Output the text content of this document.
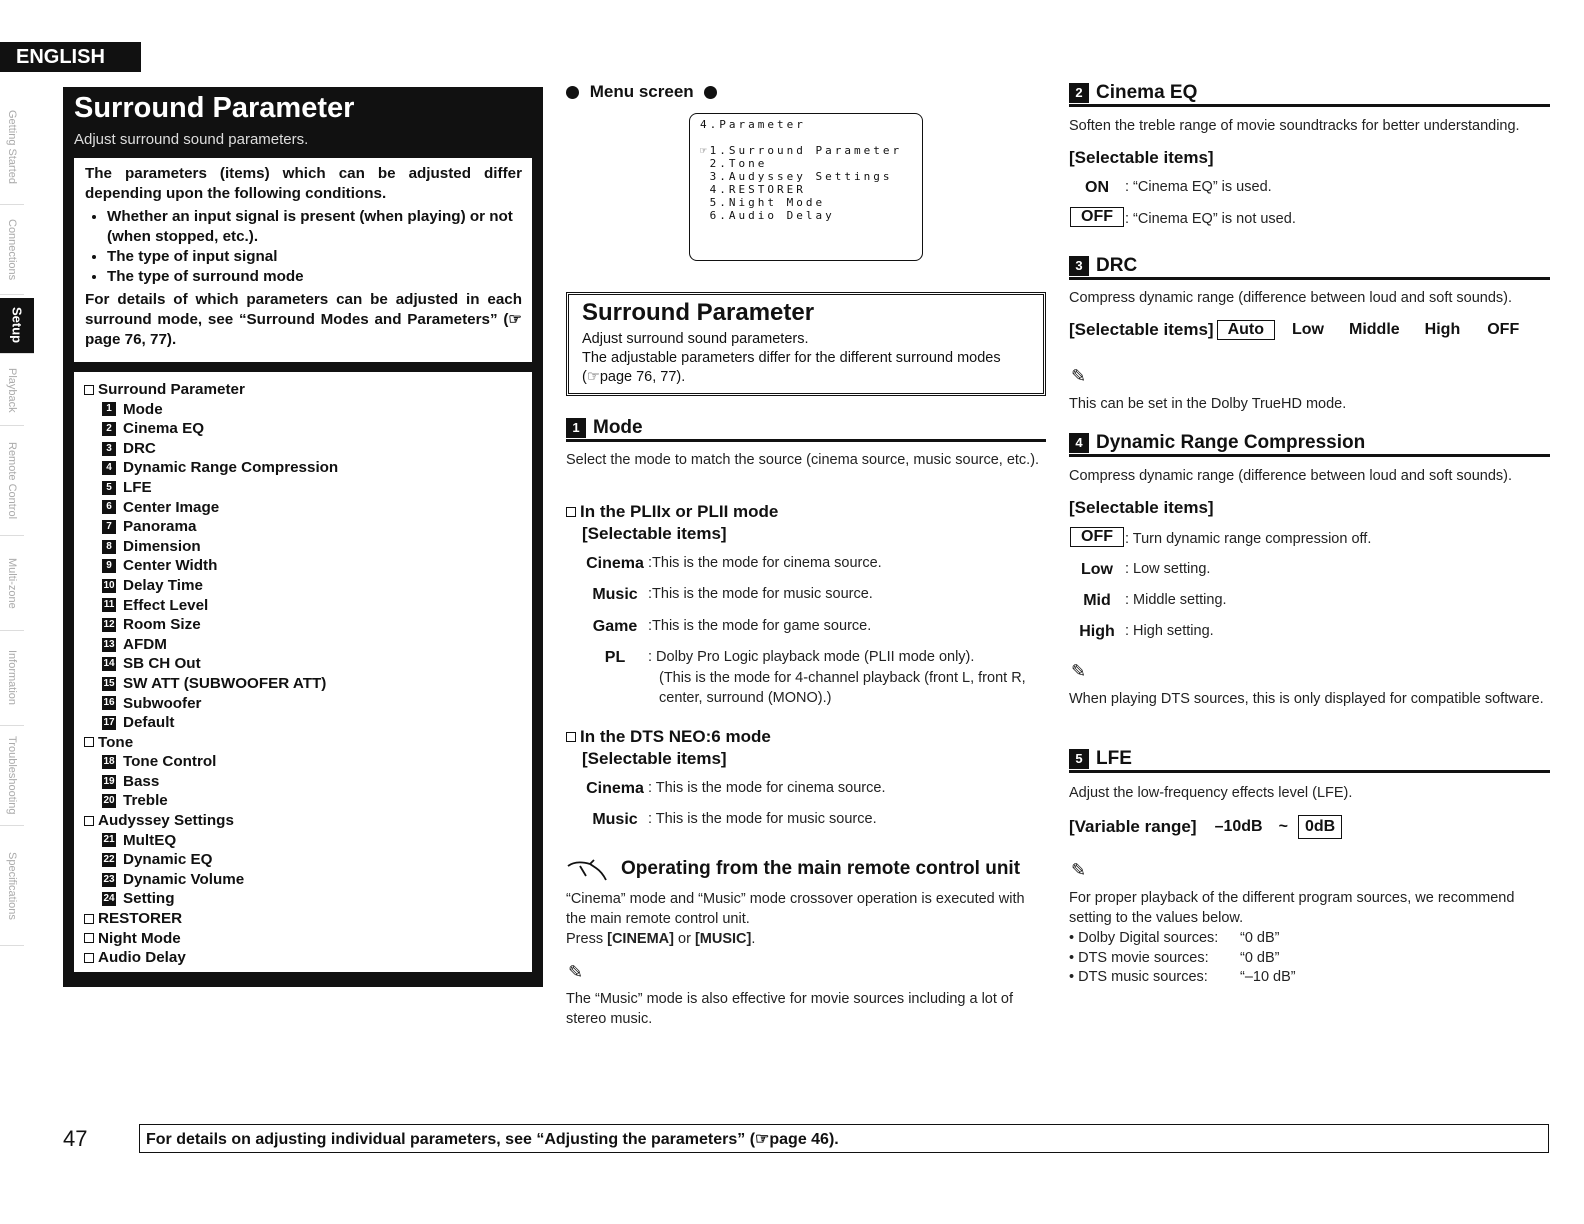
ENGLISH
Getting Started
Connections
Setup
Playback
Remote Control
Multi-zone
Information
Troubleshooting
Specifications
Surround Parameter
Adjust surround sound parameters.

The parameters (items) which can be adjusted differ depending upon the following conditions.

• Whether an input signal is present (when playing) or not (when stopped, etc.).
• The type of input signal
• The type of surround mode

For details of which parameters can be adjusted in each surround mode, see “Surround Modes and Parameters” (☞page 76, 77).

Surround Parameter
1 Mode
2 Cinema EQ
3 DRC
4 Dynamic Range Compression
5 LFE
6 Center Image
7 Panorama
8 Dimension
9 Center Width
10 Delay Time
11 Effect Level
12 Room Size
13 AFDM
14 SB CH Out
15 SW ATT (SUBWOOFER ATT)
16 Subwoofer
17 Default
Tone
18 Tone Control
19 Bass
20 Treble
Audyssey Settings
21 MultEQ
22 Dynamic EQ
23 Dynamic Volume
24 Setting
RESTORER
Night Mode
Audio Delay
Menu screen
4.Parameter

☞1.Surround Parameter
2.Tone
3.Audyssey Settings
4.RESTORER
5.Night Mode
6.Audio Delay
Surround Parameter
Adjust surround sound parameters.
The adjustable parameters differ for the different surround modes
(☞page 76, 77).
1 Mode
Select the mode to match the source (cinema source, music source, etc.).
In the PLIIx or PLII mode
[Selectable items]
Cinema :This is the mode for cinema source.
Music :This is the mode for music source.
Game :This is the mode for game source.
PL	: Dolby Pro Logic playback mode (PLII mode only).
(This is the mode for 4-channel playback (front L, front R, center, surround (MONO).)
In the DTS NEO:6 mode
[Selectable items]
Cinema : This is the mode for cinema source.
Music : This is the mode for music source.
Operating from the main remote control unit
“Cinema” mode and “Music” mode crossover operation is executed with the main remote control unit.
Press [CINEMA] or [MUSIC].
✎
The “Music” mode is also effective for movie sources including a lot of stereo music.
2 Cinema EQ
Soften the treble range of movie soundtracks for better understanding.
[Selectable items]
ON	: “Cinema EQ” is used.
OFF : “Cinema EQ” is not used.
3 DRC
Compress dynamic range (difference between loud and soft sounds).
[Selectable items] Auto	Low Middle High OFF
✎
This can be set in the Dolby TrueHD mode.
4 Dynamic Range Compression
Compress dynamic range (difference between loud and soft sounds).
[Selectable items]
OFF : Turn dynamic range compression off.
Low : Low setting.
Mid : Middle setting.
High : High setting.
✎
When playing DTS sources, this is only displayed for compatible software.
5 LFE
Adjust the low-frequency effects level (LFE).
[Variable range] –10dB ~	0dB
✎
For proper playback of the different program sources, we recommend setting to the values below.
• Dolby Digital sources:	“0 dB”
• DTS movie sources:	“0 dB”
• DTS music sources:	“–10 dB”
47	For details on adjusting individual parameters, see “Adjusting the parameters” (☞page 46).
